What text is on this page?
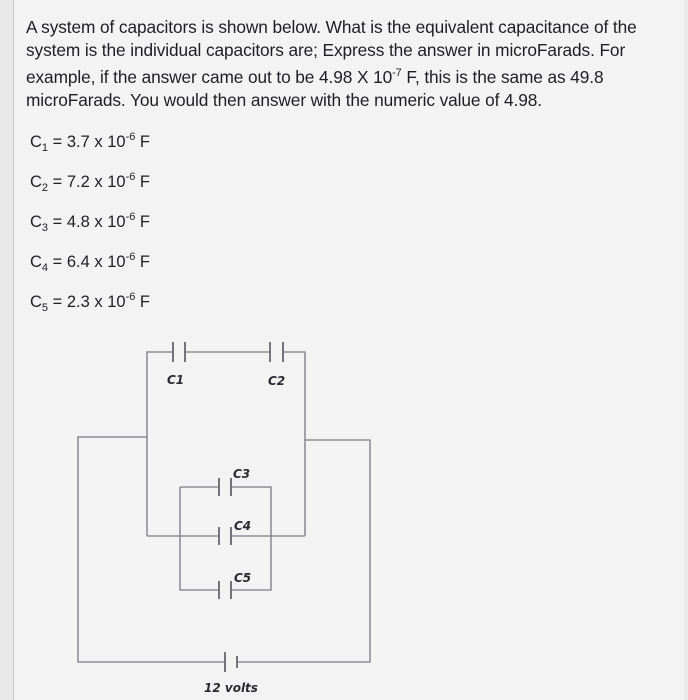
A system of capacitors is shown below. What is the equivalent capacitance of the system is the individual capacitors are; Express the answer in microFarads. For example, if the answer came out to be 4.98 X $10^{-7}$ F, this is the same as 49.8 microFarads. You would then answer with the numeric value of 4.98.

$C_1 = 3.7$ x $10^{-6}$ F
$C_2 = 7.2$ x $10^{-6}$ F
$C_3 = 4.8$ x $10^{-6}$ F
$C_4 = 6.4$ x $10^{-6}$ F
$C_5 = 2.3$ x $10^{-6}$ F
C1	C2
C3
C4
C5
12 volts
